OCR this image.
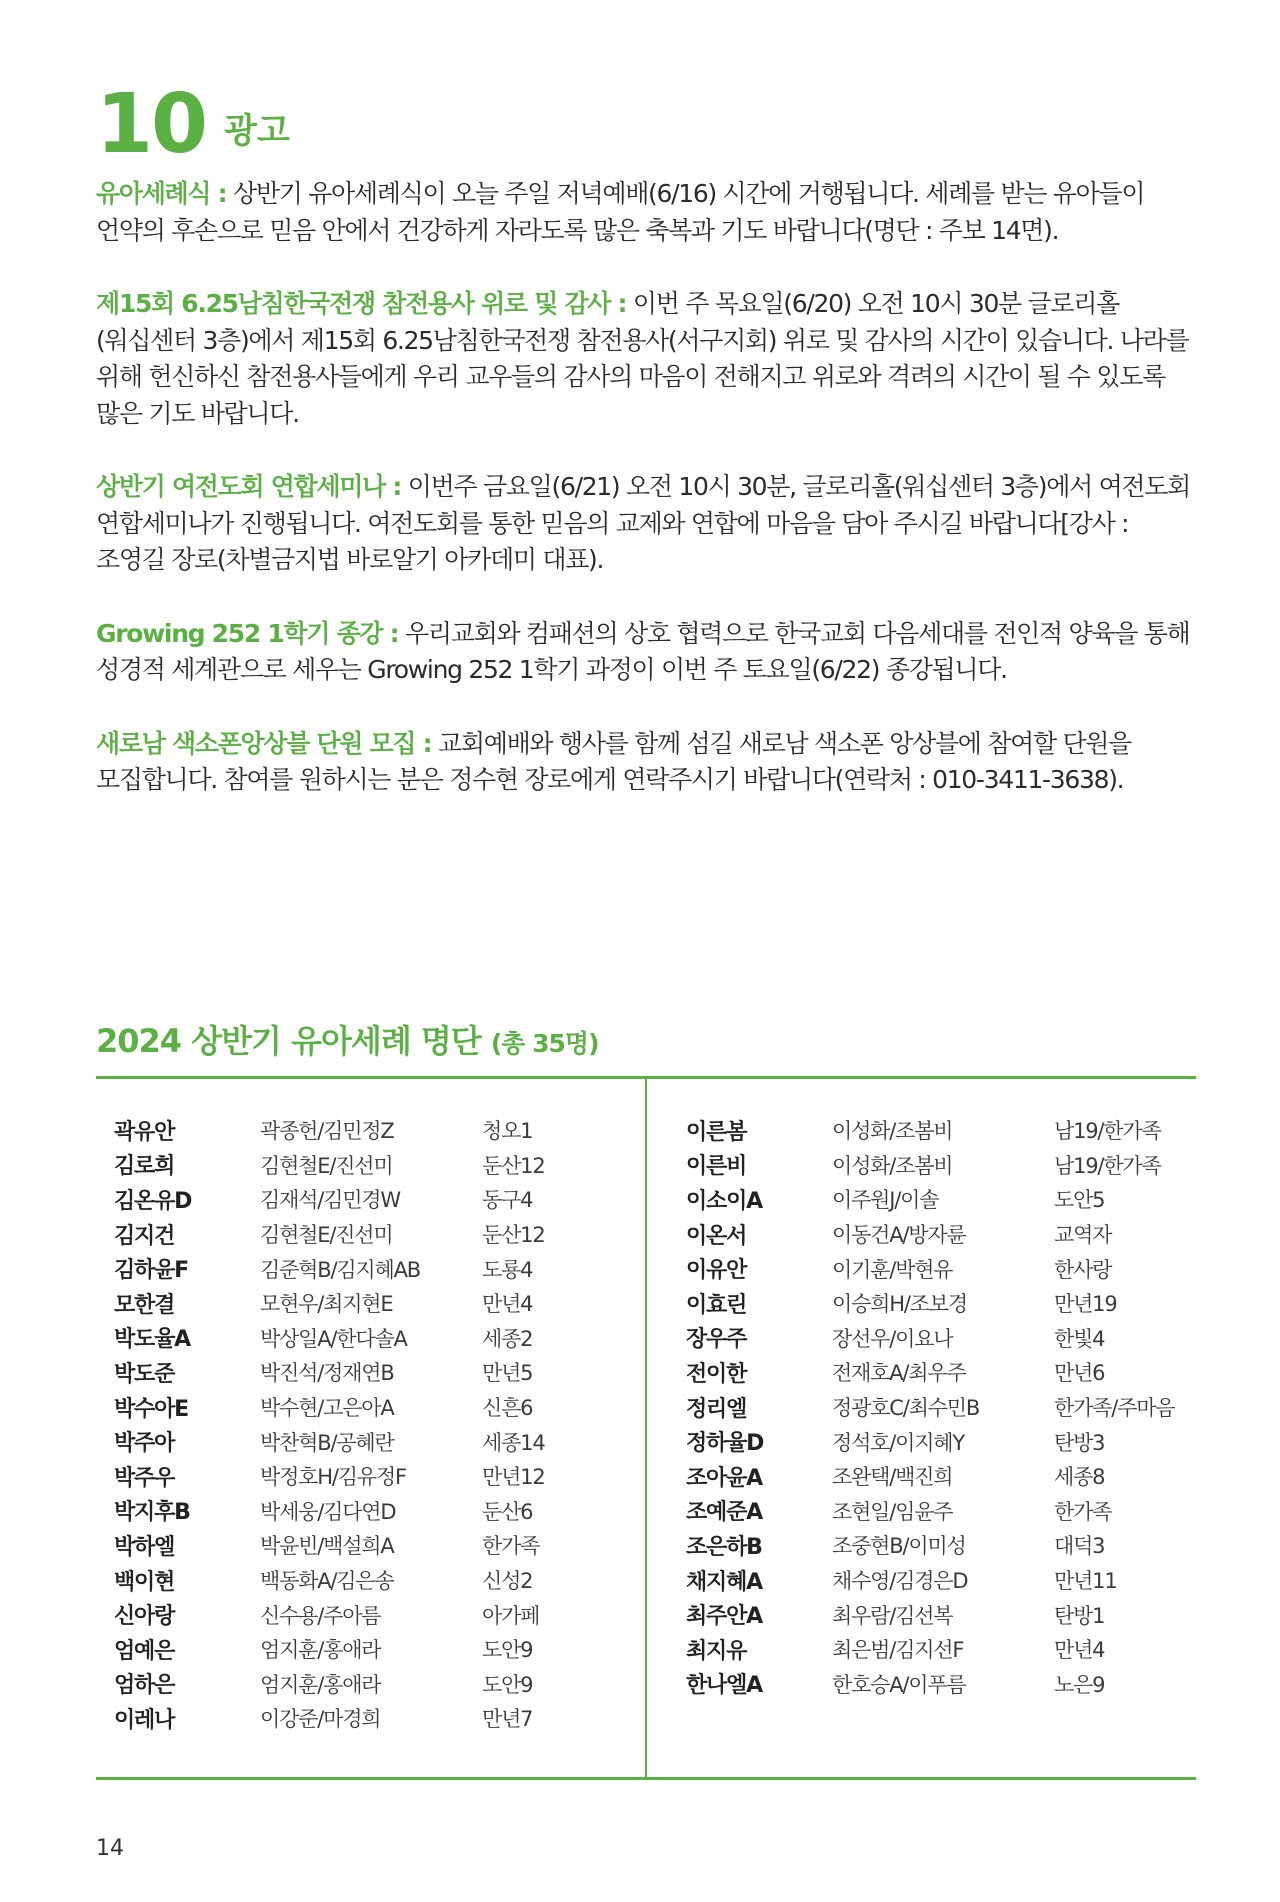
10 광고

유아세례식 : 상반기 유아세례식이 오늘 주일 저녁예배(6/16) 시간에 거행됩니다. 세례를 받는 유아들이 언약의 후손으로 믿음 안에서 건강하게 자라도록 많은 축복과 기도 바랍니다(명단 : 주보 14면).

제15회 6.25남침한국전쟁 참전용사 위로 및 감사 : 이번 주 목요일(6/20) 오전 10시 30분 글로리홀(워십센터 3층)에서 제15회 6.25남침한국전쟁 참전용사(서구지회) 위로 및 감사의 시간이 있습니다. 나라를 위해 헌신하신 참전용사들에게 우리 교우들의 감사의 마음이 전해지고 위로와 격려의 시간이 될 수 있도록 많은 기도 바랍니다.

상반기 여전도회 연합세미나 : 이번주 금요일(6/21) 오전 10시 30분, 글로리홀(워십센터 3층)에서 여전도회 연합세미나가 진행됩니다. 여전도회를 통한 믿음의 교제와 연합에 마음을 담아 주시길 바랍니다[강사 : 조영길 장로(차별금지법 바로알기 아카데미 대표).

Growing 252 1학기 종강 : 우리교회와 컴패션의 상호 협력으로 한국교회 다음세대를 전인적 양육을 통해 성경적 세계관으로 세우는 Growing 252 1학기 과정이 이번 주 토요일(6/22) 종강됩니다.

새로남 색소폰앙상블 단원 모집 : 교회예배와 행사를 함께 섬길 새로남 색소폰 앙상블에 참여할 단원을 모집합니다. 참여를 원하시는 분은 정수현 장로에게 연락주시기 바랍니다(연락처 : 010-3411-3638).

2024 상반기 유아세례 명단 (총 35명)
곽유안	곽종헌/김민정Z	청오1
김로희	김현철E/진선미	둔산12
김온유D	김재석/김민경W	동구4
김지건	김현철E/진선미	둔산12
김하윤F	김준혁B/김지혜AB	도룡4
모한결	모현우/최지현E	만년4
박도율A	박상일A/한다솔A	세종2
박도준	박진석/정재연B	만년5
박수아E	박수현/고은아A	신흔6
박주아	박찬혁B/공혜란	세종14
박주우	박정호H/김유정F	만년12
박지후B	박세웅/김다연D	둔산6
박하엘	박윤빈/백설희A	한가족
백이현	백동화A/김은송	신성2
신아랑	신수용/주아름	아가페
엄예은	엄지훈/홍애라	도안9
엄하은	엄지훈/홍애라	도안9
이레나	이강준/마경희	만년7
이른봄	이성화/조봄비	남19/한가족
이른비	이성화/조봄비	남19/한가족
이소이A	이주원J/이솔	도안5
이온서	이동건A/방자륜	교역자
이유안	이기훈/박현유	한사랑
이효린	이승희H/조보경	만년19
장우주	장선우/이요나	한빛4
전이한	전재호A/최우주	만년6
정리엘	정광호C/최수민B	한가족/주마음
정하율D	정석호/이지혜Y	탄방3
조아윤A	조완택/백진희	세종8
조예준A	조현일/임윤주	한가족
조은하B	조중현B/이미성	대덕3
채지혜A	채수영/김경은D	만년11
최주안A	최우람/김선복	탄방1
최지유	최은범/김지선F	만년4
한나엘A	한호승A/이푸름	노은9
14
